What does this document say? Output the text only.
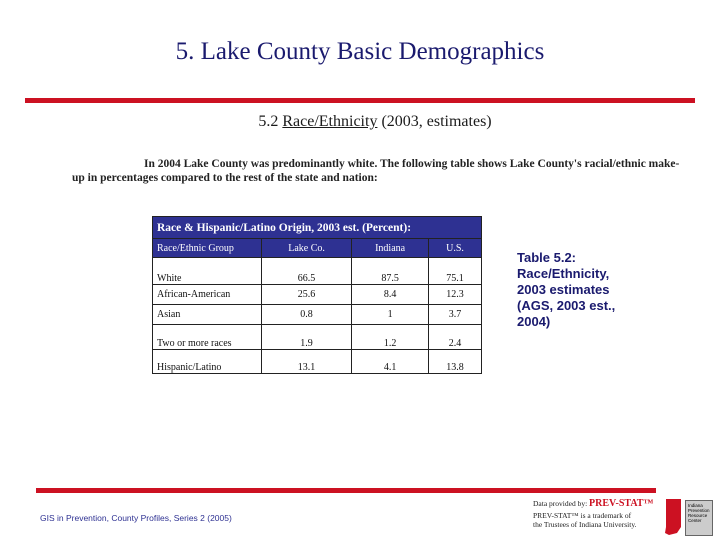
5. Lake County Basic Demographics
5.2 Race/Ethnicity (2003, estimates)
In 2004 Lake County was predominantly white. The following table shows Lake County's racial/ethnic make-up in percentages compared to the rest of the state and nation:
Race & Hispanic/Latino Origin, 2003 est. (Percent):			
Race/Ethnic Group	Lake Co.	Indiana	U.S.
White	66.5	87.5	75.1
African-American	25.6	8.4	12.3
Asian	0.8	1	3.7
Two or more races	1.9	1.2	2.4
Hispanic/Latino	13.1	4.1	13.8
Table 5.2:
Race/Ethnicity,
2003 estimates
(AGS, 2003 est.,
2004)
GIS in Prevention, County Profiles, Series 2 (2005)
Data provided by: PREV-STAT™
PREV-STAT™ is a trademark of
the Trustees of Indiana University.
Indiana Prevention Resource Center
